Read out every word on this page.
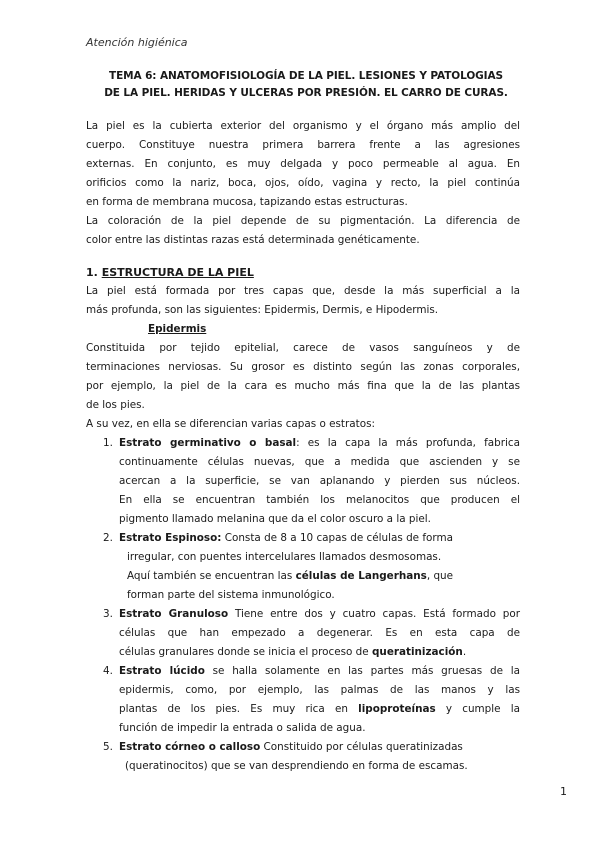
Atención higiénica
TEMA 6: ANATOMOFISIOLOGÍA DE LA PIEL. LESIONES Y PATOLOGIAS
DE LA PIEL. HERIDAS Y ULCERAS POR PRESIÓN. EL CARRO DE CURAS.
La piel es la cubierta exterior del organismo y el órgano más amplio del
cuerpo. Constituye nuestra primera barrera frente a las agresiones
externas. En conjunto, es muy delgada y poco permeable al agua. En
orificios como la nariz, boca, ojos, oído, vagina y recto, la piel continúa
en forma de membrana mucosa, tapizando estas estructuras.
La coloración de la piel depende de su pigmentación. La diferencia de
color entre las distintas razas está determinada genéticamente.
1. ESTRUCTURA DE LA PIEL
La piel está formada por tres capas que, desde la más superficial a la
más profunda, son las siguientes: Epidermis, Dermis, e Hipodermis.
Epidermis
Constituida por tejido epitelial, carece de vasos sanguíneos y de
terminaciones nerviosas. Su grosor es distinto según las zonas corporales,
por ejemplo, la piel de la cara es mucho más fina que la de las plantas
de los pies.
A su vez, en ella se diferencian varias capas o estratos:
1. Estrato germinativo o basal: es la capa la más profunda, fabrica
continuamente células nuevas, que a medida que ascienden y se
acercan a la superficie, se van aplanando y pierden sus núcleos.
En ella se encuentran también los melanocitos que producen el
pigmento llamado melanina que da el color oscuro a la piel.
2. Estrato Espinoso: Consta de 8 a 10 capas de células de forma
irregular, con puentes intercelulares llamados desmosomas.
Aquí también se encuentran las células de Langerhans, que
forman parte del sistema inmunológico.
3. Estrato Granuloso Tiene entre dos y cuatro capas. Está formado por
células que han empezado a degenerar. Es en esta capa de
células granulares donde se inicia el proceso de queratinización.
4. Estrato lúcido se halla solamente en las partes más gruesas de la
epidermis, como, por ejemplo, las palmas de las manos y las
plantas de los pies. Es muy rica en lipoproteínas y cumple la
función de impedir la entrada o salida de agua.
5. Estrato córneo o calloso Constituido por células queratinizadas
(queratinocitos) que se van desprendiendo en forma de escamas.
1
